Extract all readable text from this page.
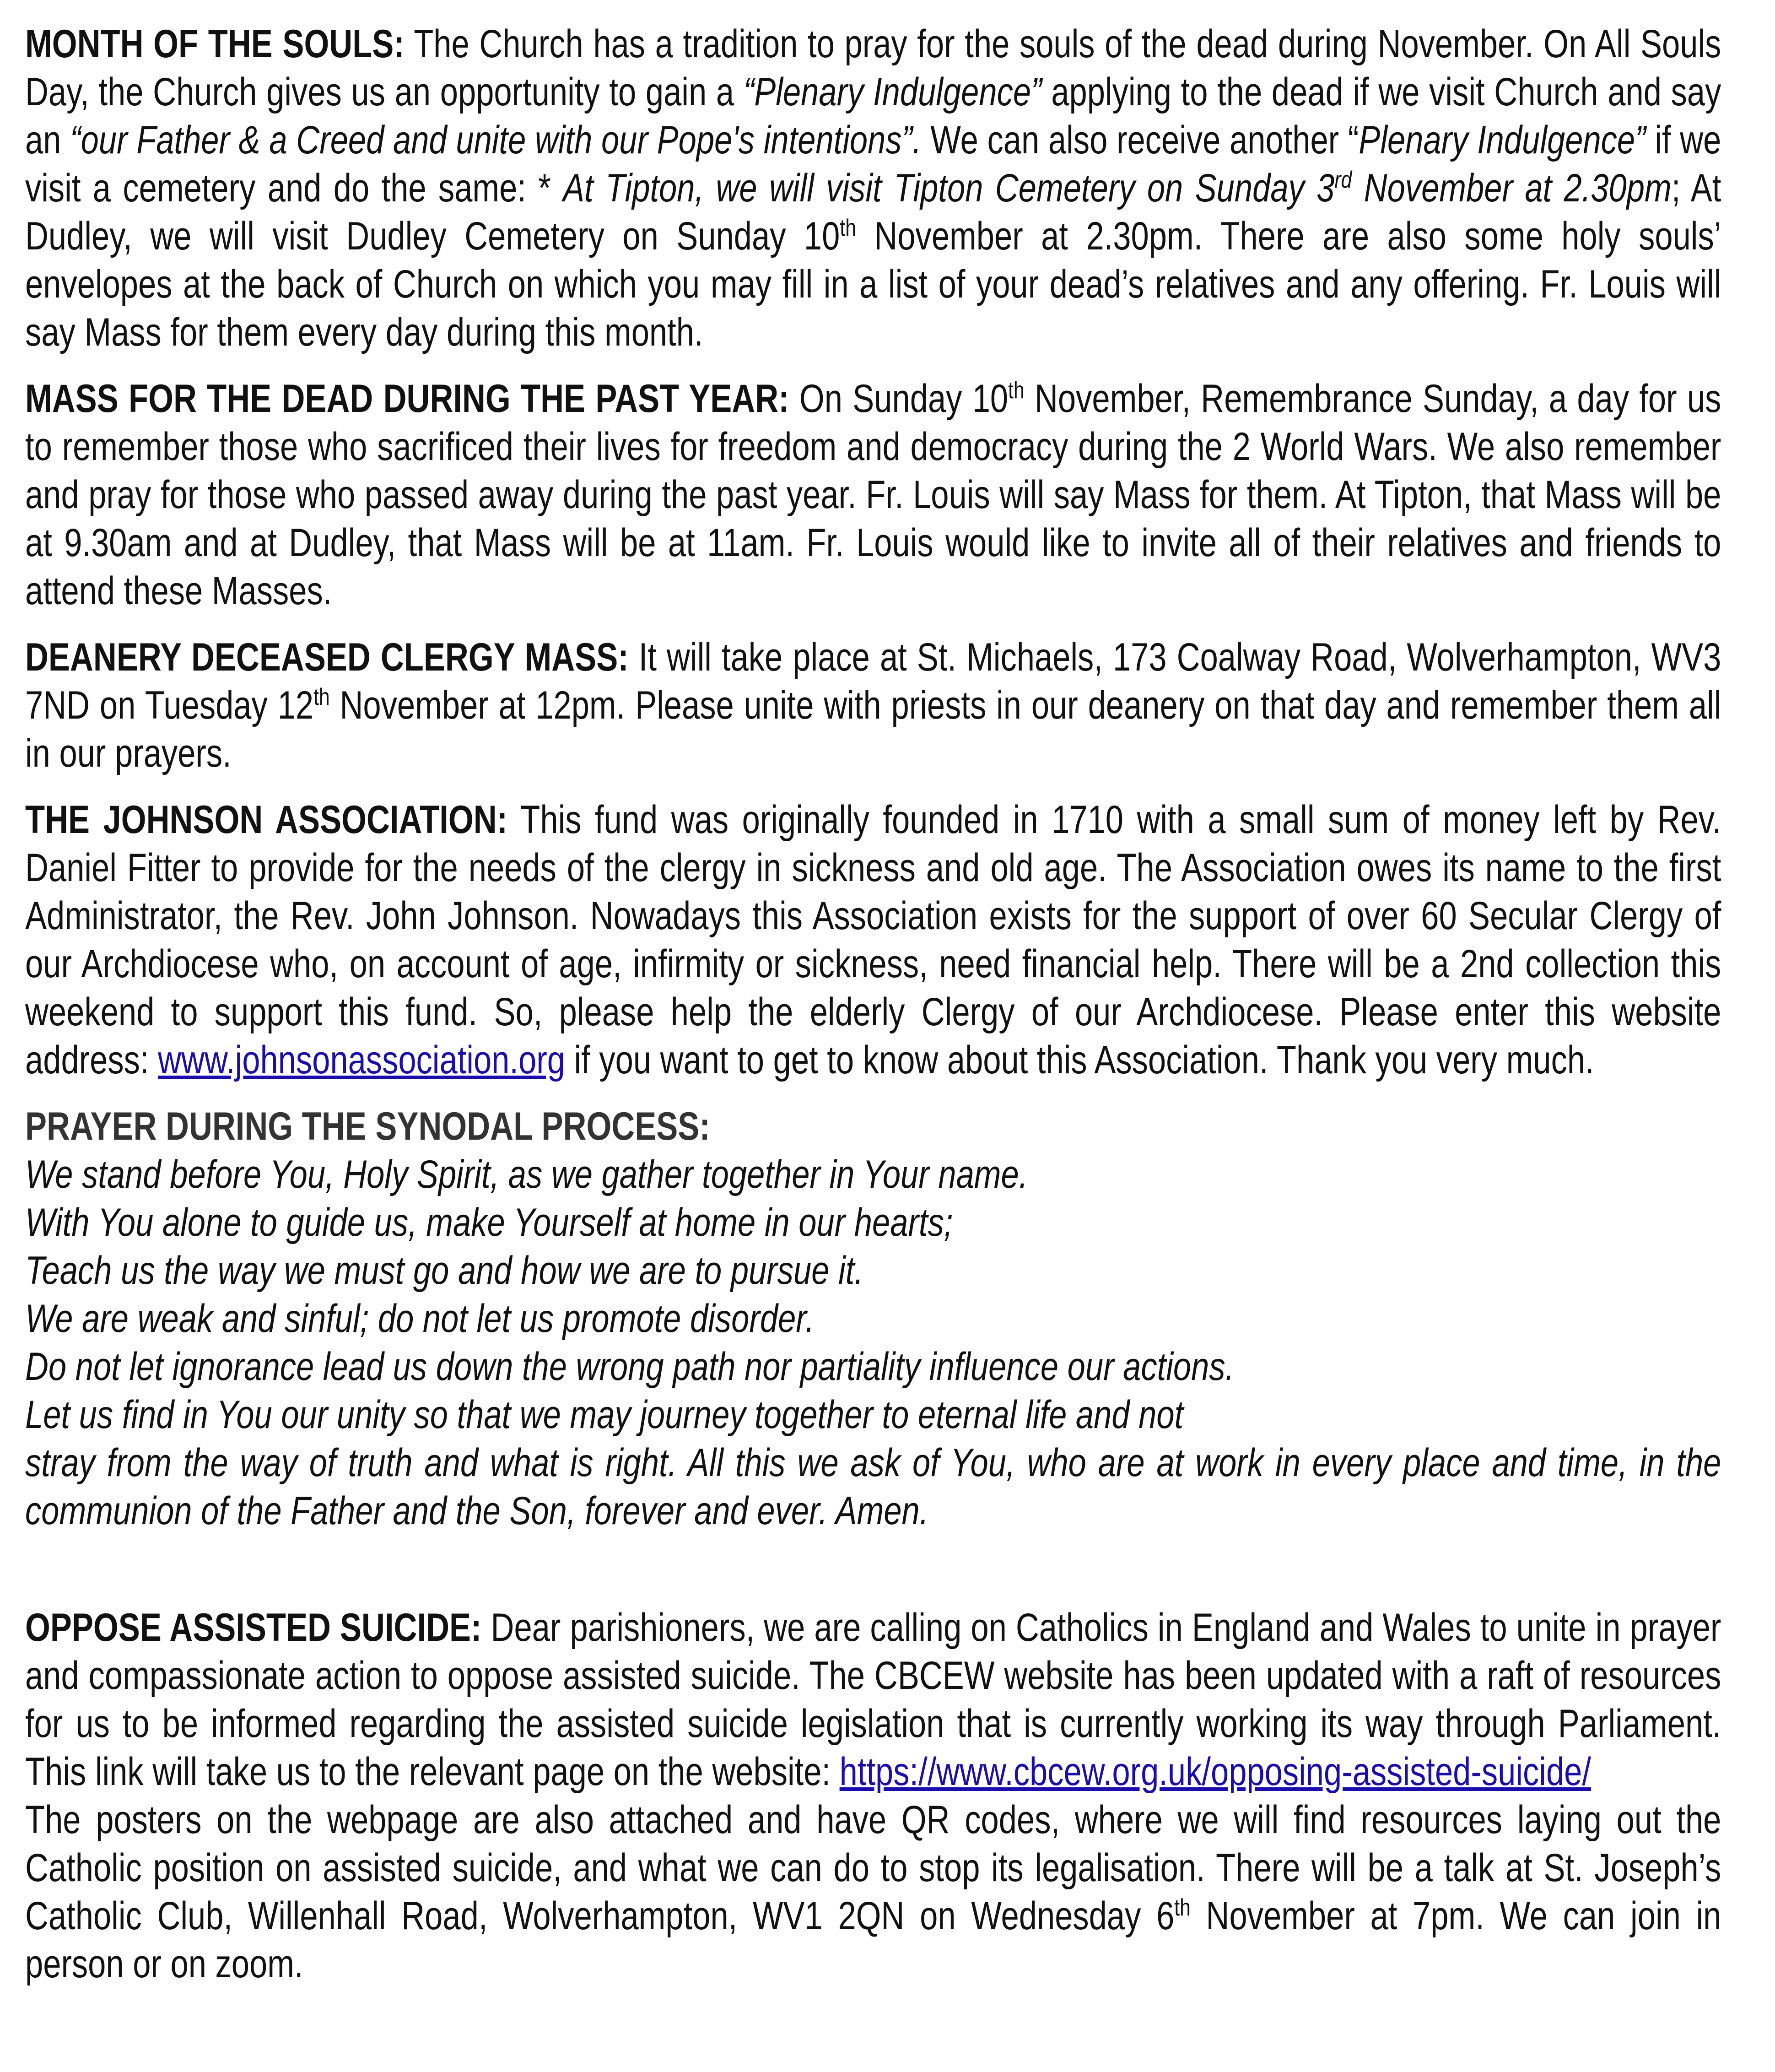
MONTH OF THE SOULS: The Church has a tradition to pray for the souls of the dead during November. On All Souls Day, the Church gives us an opportunity to gain a “Plenary Indulgence” applying to the dead if we visit Church and say an “our Father & a Creed and unite with our Pope's intentions”. We can also receive another “Plenary Indulgence” if we visit a cemetery and do the same: * At Tipton, we will visit Tipton Cemetery on Sunday 3rd November at 2.30pm; At Dudley, we will visit Dudley Cemetery on Sunday 10th November at 2.30pm. There are also some holy souls’ envelopes at the back of Church on which you may fill in a list of your dead’s relatives and any offering. Fr. Louis will say Mass for them every day during this month.

MASS FOR THE DEAD DURING THE PAST YEAR: On Sunday 10th November, Remembrance Sunday, a day for us to remember those who sacrificed their lives for freedom and democracy during the 2 World Wars. We also remember and pray for those who passed away during the past year. Fr. Louis will say Mass for them. At Tipton, that Mass will be at 9.30am and at Dudley, that Mass will be at 11am. Fr. Louis would like to invite all of their relatives and friends to attend these Masses.

DEANERY DECEASED CLERGY MASS: It will take place at St. Michaels, 173 Coalway Road, Wolverhampton, WV3 7ND on Tuesday 12th November at 12pm. Please unite with priests in our deanery on that day and remember them all in our prayers.

THE JOHNSON ASSOCIATION: This fund was originally founded in 1710 with a small sum of money left by Rev. Daniel Fitter to provide for the needs of the clergy in sickness and old age. The Association owes its name to the first Administrator, the Rev. John Johnson. Nowadays this Association exists for the support of over 60 Secular Clergy of our Archdiocese who, on account of age, infirmity or sickness, need financial help. There will be a 2nd collection this weekend to support this fund. So, please help the elderly Clergy of our Archdiocese. Please enter this website address: www.johnsonassociation.org if you want to get to know about this Association. Thank you very much.

PRAYER DURING THE SYNODAL PROCESS:

We stand before You, Holy Spirit, as we gather together in Your name.

With You alone to guide us, make Yourself at home in our hearts;

Teach us the way we must go and how we are to pursue it.

We are weak and sinful; do not let us promote disorder.

Do not let ignorance lead us down the wrong path nor partiality influence our actions.

Let us find in You our unity so that we may journey together to eternal life and not

stray from the way of truth and what is right. All this we ask of You, who are at work in every place and time, in the communion of the Father and the Son, forever and ever. Amen.

OPPOSE ASSISTED SUICIDE: Dear parishioners, we are calling on Catholics in England and Wales to unite in prayer and compassionate action to oppose assisted suicide. The CBCEW website has been updated with a raft of resources for us to be informed regarding the assisted suicide legislation that is currently working its way through Parliament. This link will take us to the relevant page on the website: https://www.cbcew.org.uk/opposing-assisted-suicide/

The posters on the webpage are also attached and have QR codes, where we will find resources laying out the Catholic position on assisted suicide, and what we can do to stop its legalisation. There will be a talk at St. Joseph’s Catholic Club, Willenhall Road, Wolverhampton, WV1 2QN on Wednesday 6th November at 7pm. We can join in person or on zoom.
